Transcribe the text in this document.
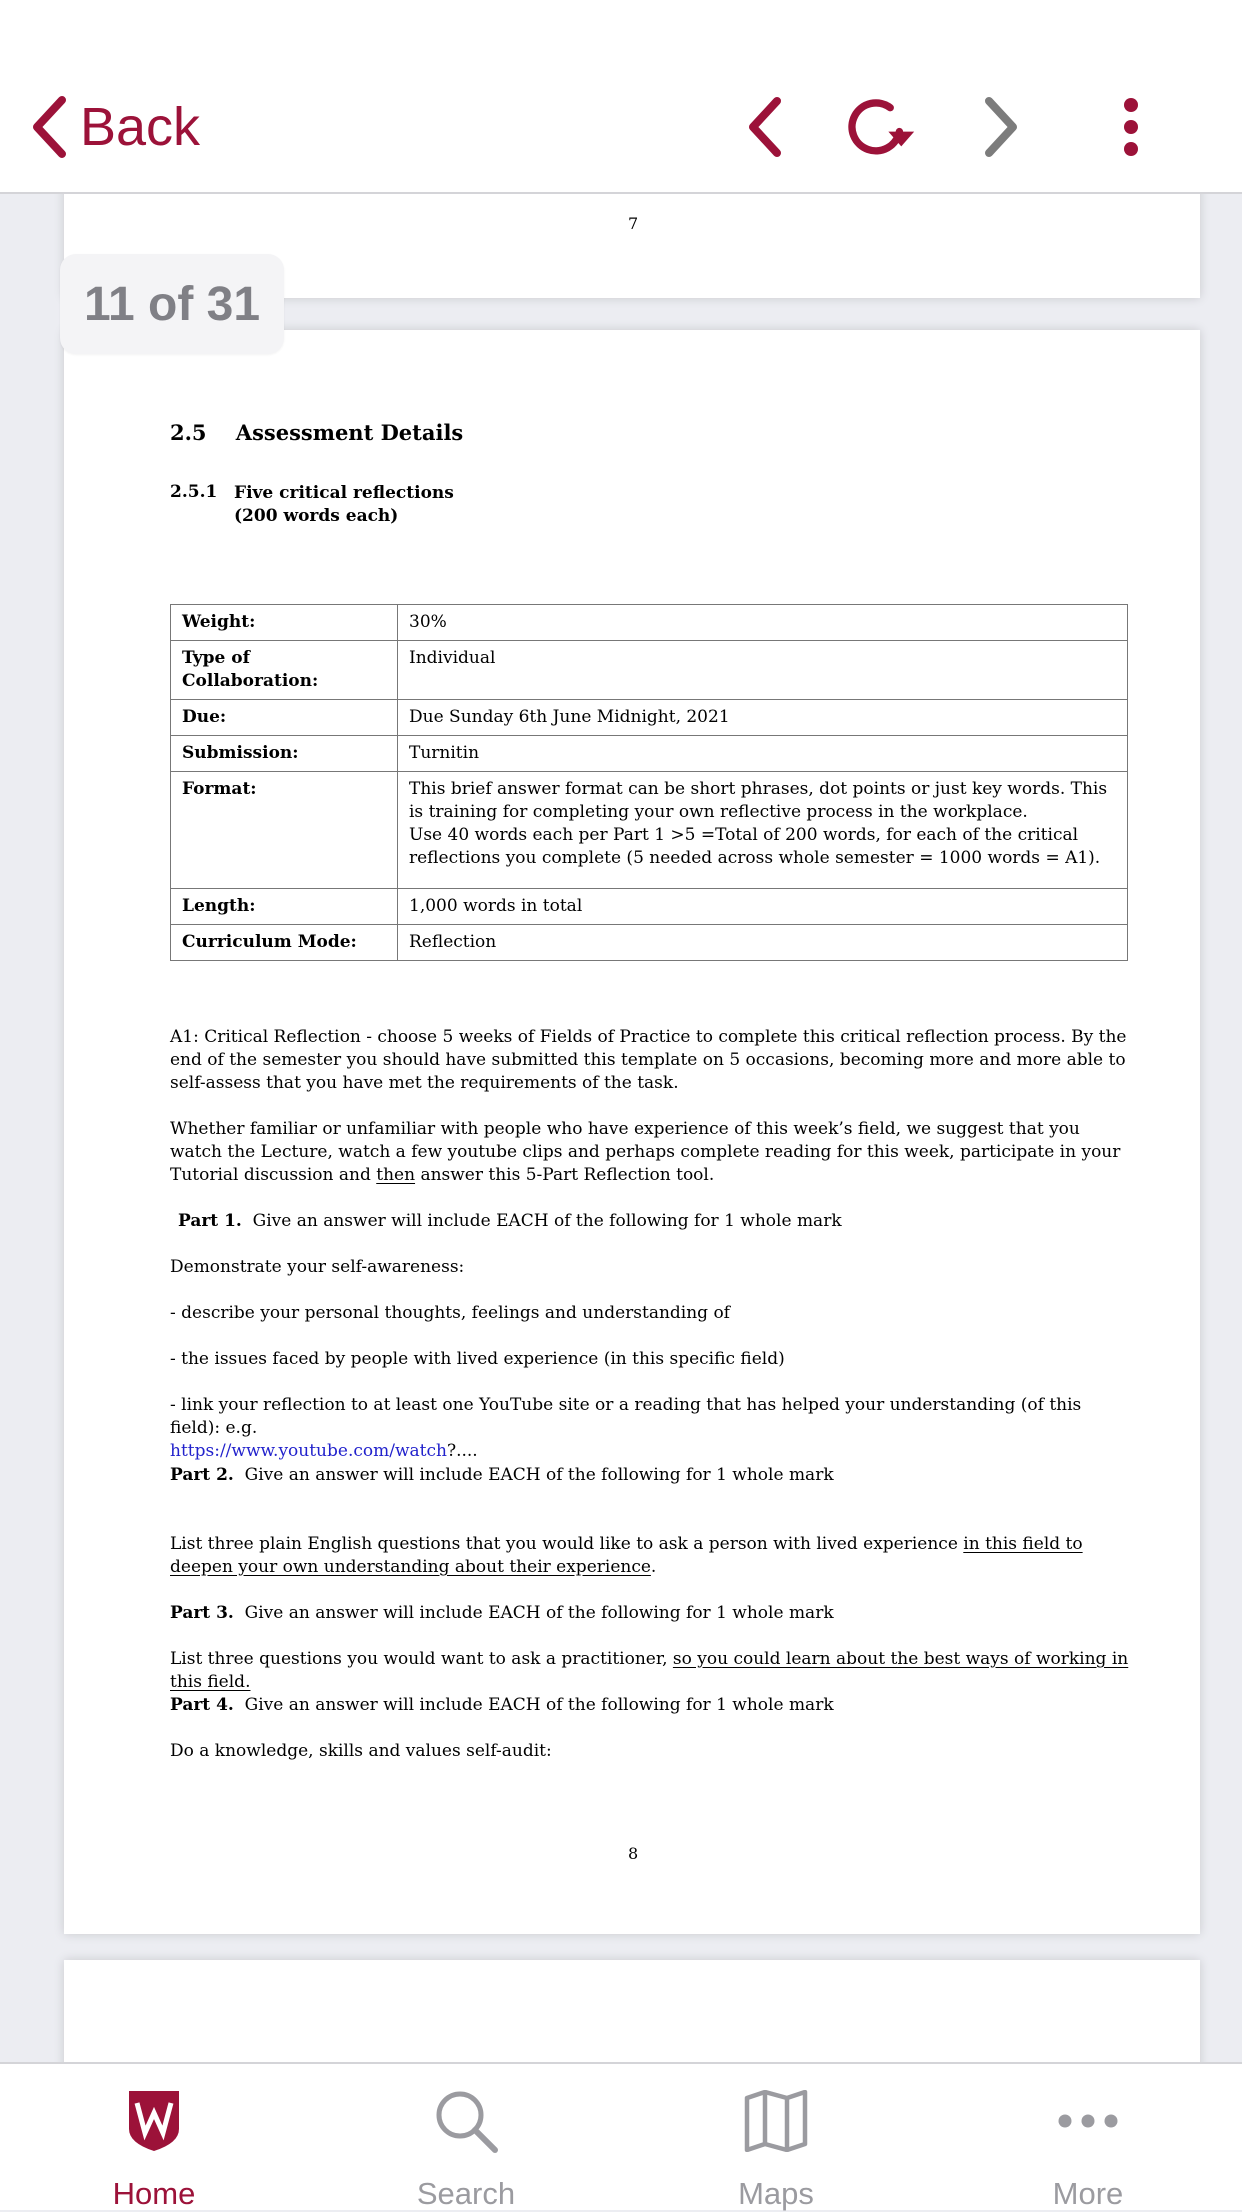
Back
7
11 of 31
2.5    Assessment Details
2.5.1 Five critical reflections
(200 words each)
Weight:	30%
Type of Collaboration:	Individual
Due:	Due Sunday 6th June Midnight, 2021
Submission:	Turnitin
Format:	This brief answer format can be short phrases, dot points or just key words. This is training for completing your own reflective process in the workplace.
Use 40 words each per Part 1 >5 =Total of 200 words, for each of the critical reflections you complete (5 needed across whole semester = 1000 words = A1).

Length:	1,000 words in total
Curriculum Mode:	Reflection
A1: Critical Reflection - choose 5 weeks of Fields of Practice to complete this critical reflection process. By the end of the semester you should have submitted this template on 5 occasions, becoming more and more able to self-assess that you have met the requirements of the task.
Whether familiar or unfamiliar with people who have experience of this week’s field, we suggest that you watch the Lecture, watch a few youtube clips and perhaps complete reading for this week, participate in your Tutorial discussion and then answer this 5-Part Reflection tool.
Part 1. Give an answer will include EACH of the following for 1 whole mark
Demonstrate your self-awareness:
- describe your personal thoughts, feelings and understanding of
- the issues faced by people with lived experience (in this specific field)
- link your reflection to at least one YouTube site or a reading that has helped your understanding (of this field): e.g.
https://www.youtube.com/watch?....
Part 2. Give an answer will include EACH of the following for 1 whole mark
List three plain English questions that you would like to ask a person with lived experience in this field to deepen your own understanding about their experience.
Part 3. Give an answer will include EACH of the following for 1 whole mark
List three questions you would want to ask a practitioner, so you could learn about the best ways of working in this field.
Part 4. Give an answer will include EACH of the following for 1 whole mark
Do a knowledge, skills and values self-audit:
8
Home	Search	Maps	More
